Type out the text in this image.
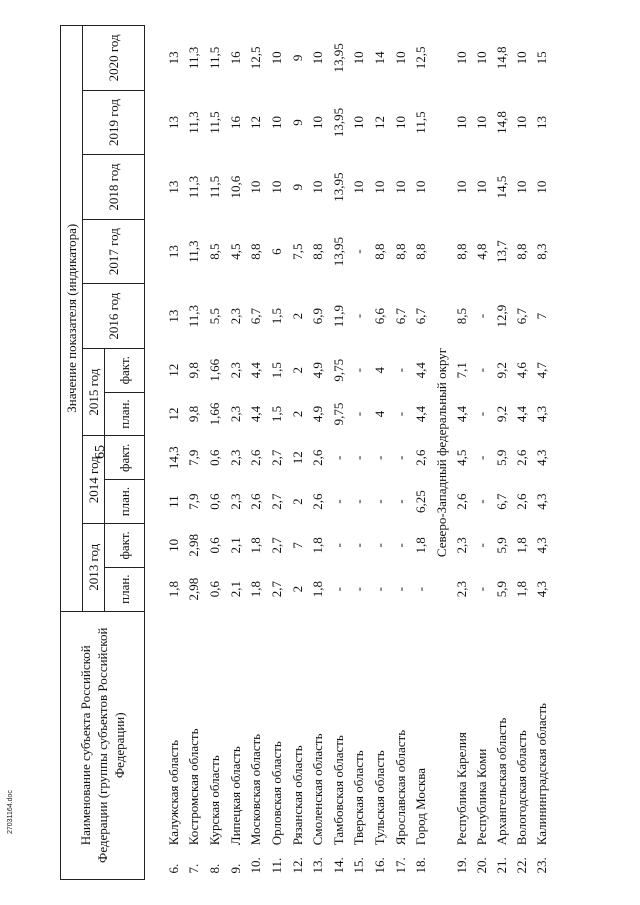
65
27031164.doc	Наименование субъекта Российской Федерации (группы субъектов Российской Федерации)		Значение показателя (индикатора)										
		2013 год		2014 год		2015 год		2016 год	2017 год	2018 год	2019 год	2020 год
		план.	факт.	план.	факт.	план.	факт.					

6.	Калужская область	1,8	10	11	14,3	12	12	13	13	13	13	13
7.	Костромская область	2,98	2,98	7,9	7,9	9,8	9,8	11,3	11,3	11,3	11,3	11,3
8.	Курская область	0,6	0,6	0,6	0,6	1,66	1,66	5,5	8,5	11,5	11,5	11,5
9.	Липецкая область	2,1	2,1	2,3	2,3	2,3	2,3	2,3	4,5	10,6	16	16
10.	Московская область	1,8	1,8	2,6	2,6	4,4	4,4	6,7	8,8	10	12	12,5
11.	Орловская область	2,7	2,7	2,7	2,7	1,5	1,5	1,5	6	10	10	10
12.	Рязанская область	2	7	2	12	2	2	2	7,5	9	9	9
13.	Смоленская область	1,8	1,8	2,6	2,6	4,9	4,9	6,9	8,8	10	10	10
14.	Тамбовская область	-	-	-	-	9,75	9,75	11,9	13,95	13,95	13,95	13,95
15.	Тверская область	-	-	-	-	-	-	-	-	10	10	10
16.	Тульская область	-	-	-	-	4	4	6,6	8,8	10	12	14
17.	Ярославская область	-	-	-	-	-	-	6,7	8,8	10	10	10
18.	Город Москва	-	1,8	6,25	2,6	4,4	4,4	6,7	8,8	10	11,5	12,5
Северо-Западный федеральный округ												
19.	Республика Карелия	2,3	2,3	2,6	4,5	4,4	7,1	8,5	8,8	10	10	10
20.	Республика Коми	-	-	-	-	-	-	-	4,8	10	10	10
21.	Архангельская область	5,9	5,9	6,7	5,9	9,2	9,2	12,9	13,7	14,5	14,8	14,8
22.	Вологодская область	1,8	1,8	2,6	2,6	4,4	4,6	6,7	8,8	10	10	10
23.	Калининградская область	4,3	4,3	4,3	4,3	4,3	4,7	7	8,3	10	13	15
